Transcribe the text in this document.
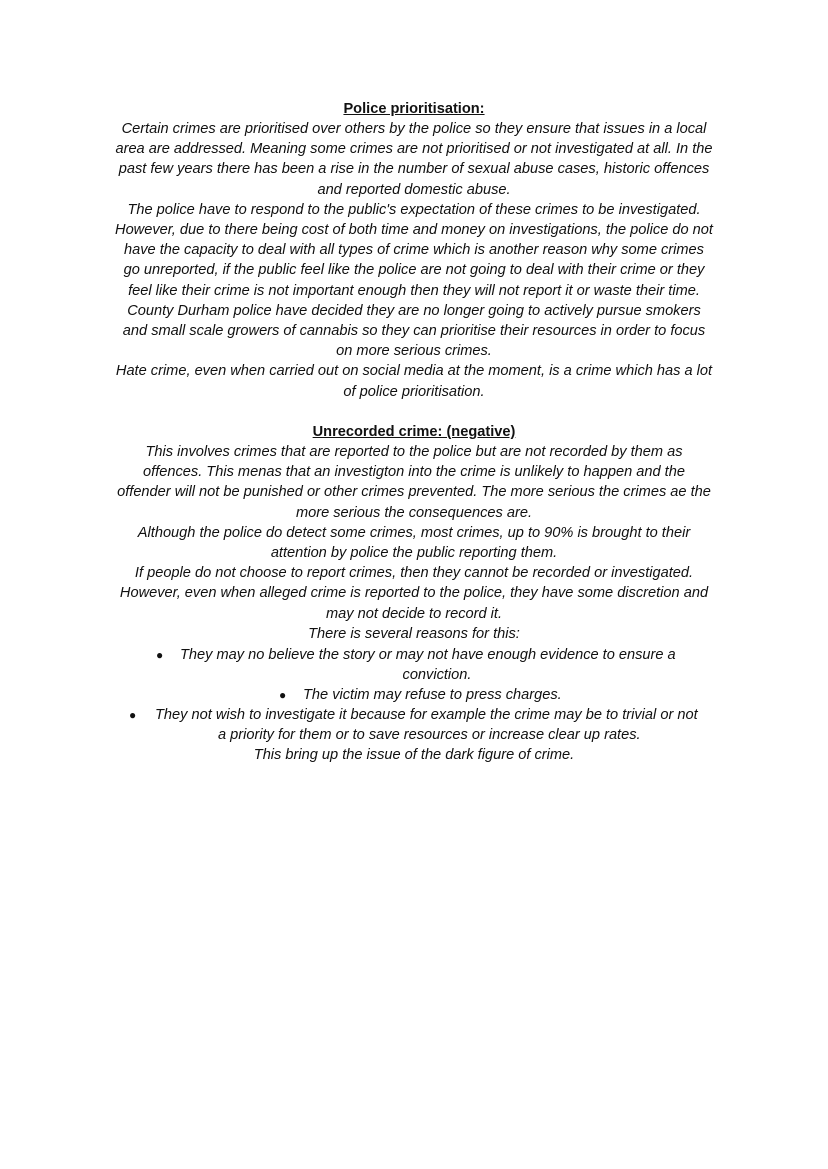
Police prioritisation:
Certain crimes are prioritised over others by the police so they ensure that issues in a local
area are addressed. Meaning some crimes are not prioritised or not investigated at all. In the
past few years there has been a rise in the number of sexual abuse cases, historic offences
and reported domestic abuse.
The police have to respond to the public's expectation of these crimes to be investigated.
However, due to there being cost of both time and money on investigations, the police do not
have the capacity to deal with all types of crime which is another reason why some crimes
go unreported, if the public feel like the police are not going to deal with their crime or they
feel like their crime is not important enough then they will not report it or waste their time.
County Durham police have decided they are no longer going to actively pursue smokers
and small scale growers of cannabis so they can prioritise their resources in order to focus
on more serious crimes.
Hate crime, even when carried out on social media at the moment, is a crime which has a lot
of police prioritisation.
Unrecorded crime: (negative)
This involves crimes that are reported to the police but are not recorded by them as
offences. This menas that an investigton into the crime is unlikely to happen and the
offender will not be punished or other crimes prevented. The more serious the crimes ae the
more serious the consequences are.
Although the police do detect some crimes, most crimes, up to 90% is brought to their
attention by police the public reporting them.
If people do not choose to report crimes, then they cannot be recorded or investigated.
However, even when alleged crime is reported to the police, they have some discretion and
may not decide to record it.
There is several reasons for this:
● They may no believe the story or may not have enough evidence to ensure a
conviction.
● The victim may refuse to press charges.
● They not wish to investigate it because for example the crime may be to trivial or not
a priority for them or to save resources or increase clear up rates.
This bring up the issue of the dark figure of crime.
